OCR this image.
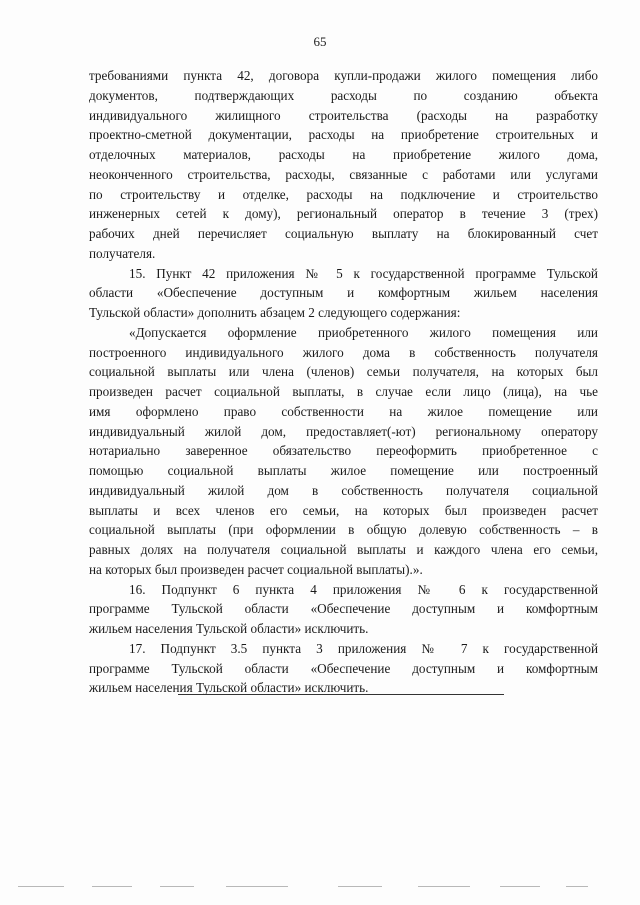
65

требованиями пункта 42, договора купли-продажи жилого помещения либо
документов, подтверждающих расходы по созданию объекта
индивидуального жилищного строительства (расходы на разработку
проектно-сметной документации, расходы на приобретение строительных и
отделочных материалов, расходы на приобретение жилого дома,
неоконченного строительства, расходы, связанные с работами или услугами
по строительству и отделке, расходы на подключение и строительство
инженерных сетей к дому), региональный оператор в течение 3 (трех)
рабочих дней перечисляет социальную выплату на блокированный счет
получателя.

15. Пункт 42 приложения № 5 к государственной программе Тульской
области «Обеспечение доступным и комфортным жильем населения
Тульской области» дополнить абзацем 2 следующего содержания:

«Допускается оформление приобретенного жилого помещения или
построенного индивидуального жилого дома в собственность получателя
социальной выплаты или члена (членов) семьи получателя, на которых был
произведен расчет социальной выплаты, в случае если лицо (лица), на чье
имя оформлено право собственности на жилое помещение или
индивидуальный жилой дом, предоставляет(-ют) региональному оператору
нотариально заверенное обязательство переоформить приобретенное с
помощью социальной выплаты жилое помещение или построенный
индивидуальный жилой дом в собственность получателя социальной
выплаты и всех членов его семьи, на которых был произведен расчет
социальной выплаты (при оформлении в общую долевую собственность – в
равных долях на получателя социальной выплаты и каждого члена его семьи,
на которых был произведен расчет социальной выплаты).».

16. Подпункт 6 пункта 4 приложения № 6 к государственной
программе Тульской области «Обеспечение доступным и комфортным
жильем населения Тульской области» исключить.

17. Подпункт 3.5 пункта 3 приложения № 7 к государственной
программе Тульской области «Обеспечение доступным и комфортным
жильем населения Тульской области» исключить.
